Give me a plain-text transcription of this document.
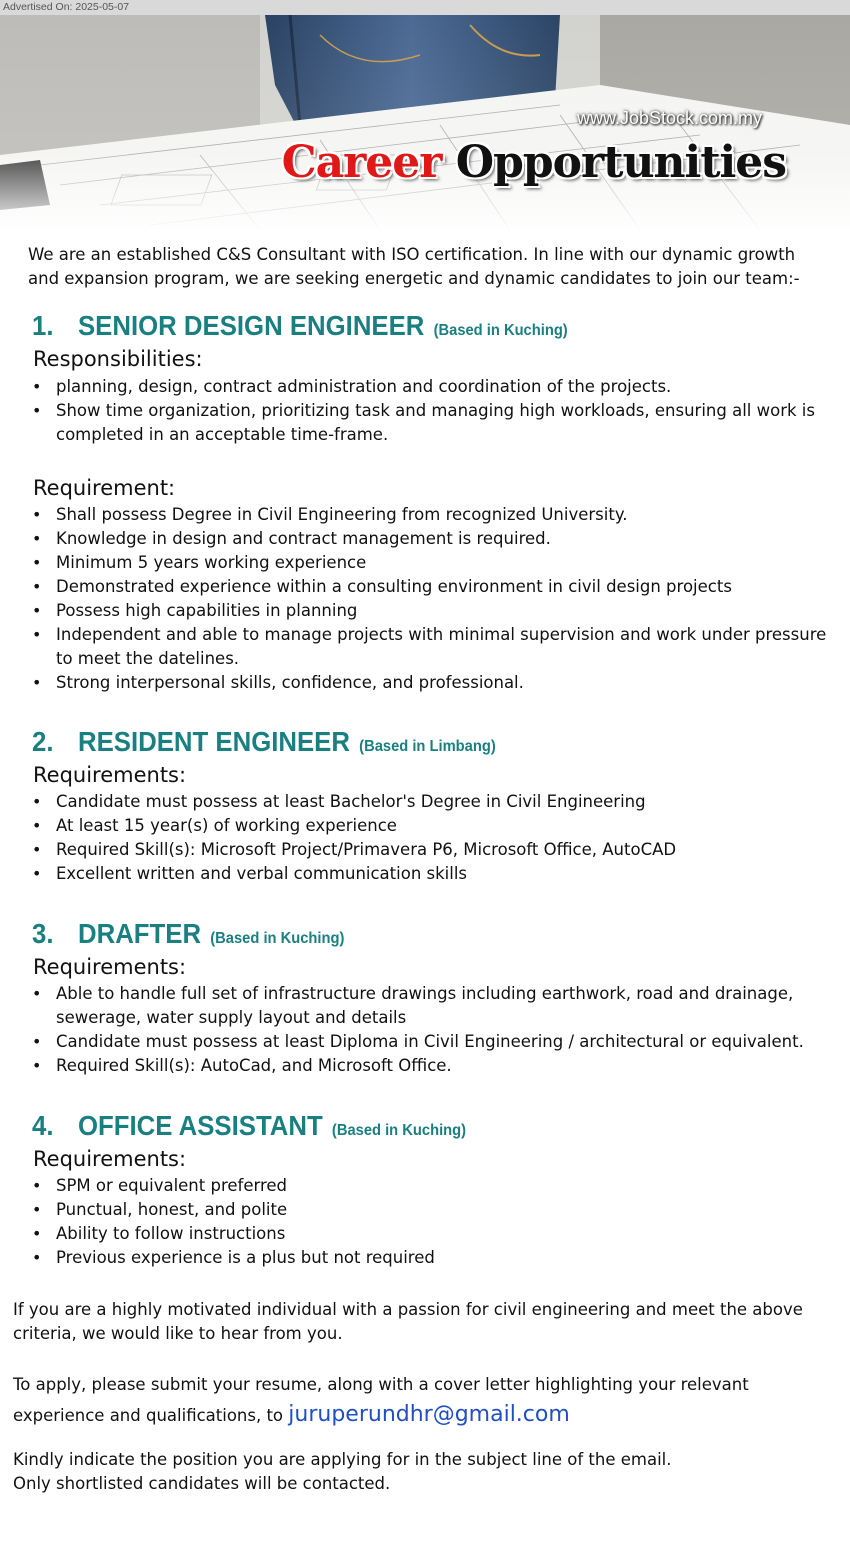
Advertised On: 2025-05-07
www.JobStock.com.my
Career Opportunities
We are an established C&S Consultant with ISO certification. In line with our dynamic growth and expansion program, we are seeking energetic and dynamic candidates to join our team:-
1. SENIOR DESIGN ENGINEER (Based in Kuching)
Responsibilities:
• planning, design, contract administration and coordination of the projects.
• Show time organization, prioritizing task and managing high workloads, ensuring all work is completed in an acceptable time-frame.
Requirement:
• Shall possess Degree in Civil Engineering from recognized University.
• Knowledge in design and contract management is required.
• Minimum 5 years working experience
• Demonstrated experience within a consulting environment in civil design projects
• Possess high capabilities in planning
• Independent and able to manage projects with minimal supervision and work under pressure to meet the datelines.
• Strong interpersonal skills, confidence, and professional.
2. RESIDENT ENGINEER (Based in Limbang)
Requirements:
• Candidate must possess at least Bachelor's Degree in Civil Engineering
• At least 15 year(s) of working experience
• Required Skill(s): Microsoft Project/Primavera P6, Microsoft Office, AutoCAD
• Excellent written and verbal communication skills
3. DRAFTER (Based in Kuching)
Requirements:
• Able to handle full set of infrastructure drawings including earthwork, road and drainage, sewerage, water supply layout and details
• Candidate must possess at least Diploma in Civil Engineering / architectural or equivalent.
• Required Skill(s): AutoCad, and Microsoft Office.
4. OFFICE ASSISTANT (Based in Kuching)
Requirements:
• SPM or equivalent preferred
• Punctual, honest, and polite
• Ability to follow instructions
• Previous experience is a plus but not required
If you are a highly motivated individual with a passion for civil engineering and meet the above criteria, we would like to hear from you.
To apply, please submit your resume, along with a cover letter highlighting your relevant experience and qualifications, to juruperundhr@gmail.com
Kindly indicate the position you are applying for in the subject line of the email.
Only shortlisted candidates will be contacted.
